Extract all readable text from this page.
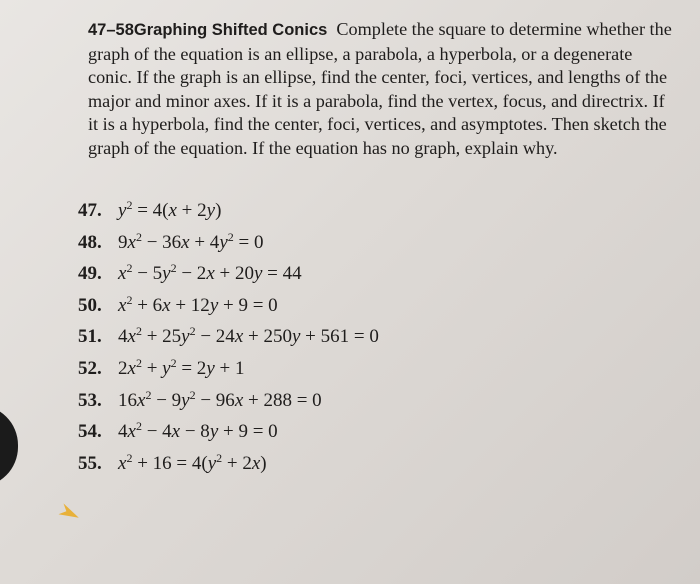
47–58Graphing Shifted Conics Complete the square to determine whether the graph of the equation is an ellipse, a parabola, a hyperbola, or a degenerate conic. If the graph is an ellipse, find the center, foci, vertices, and lengths of the major and minor axes. If it is a parabola, find the vertex, focus, and directrix. If it is a hyperbola, find the center, foci, vertices, and asymptotes. Then sketch the graph of the equation. If the equation has no graph, explain why.

47. $y^2 = 4(x + 2y)$
48. $9x^2 - 36x + 4y^2 = 0$
49. $x^2 - 5y^2 - 2x + 20y = 44$
50. $x^2 + 6x + 12y + 9 = 0$
51. $4x^2 + 25y^2 - 24x + 250y + 561 = 0$
52. $2x^2 + y^2 = 2y + 1$
53. $16x^2 - 9y^2 - 96x + 288 = 0$
54. $4x^2 - 4x - 8y + 9 = 0$
55. $x^2 + 16 = 4(y^2 + 2x)$
